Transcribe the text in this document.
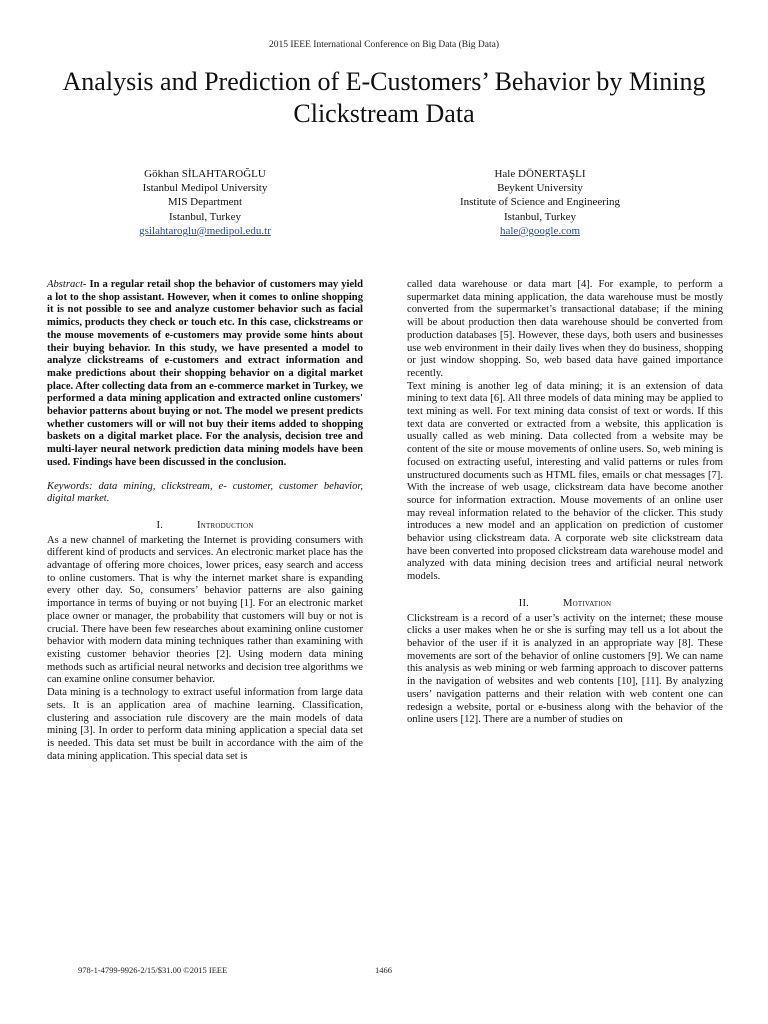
2015 IEEE International Conference on Big Data (Big Data)
Analysis and Prediction of E-Customers’ Behavior by Mining Clickstream Data
Gökhan SİLAHTAROĞLU
Istanbul Medipol University
MIS Department
Istanbul, Turkey
gsilahtaroglu@medipol.edu.tr
Hale DÖNERTAŞLI
Beykent University
Institute of Science and Engineering
Istanbul, Turkey
hale@google.com

Abstract- In a regular retail shop the behavior of customers may yield a lot to the shop assistant. However, when it comes to online shopping it is not possible to see and analyze customer behavior such as facial mimics, products they check or touch etc. In this case, clickstreams or the mouse movements of e-customers may provide some hints about their buying behavior. In this study, we have presented a model to analyze clickstreams of e-customers and extract information and make predictions about their shopping behavior on a digital market place. After collecting data from an e-commerce market in Turkey, we performed a data mining application and extracted online customers' behavior patterns about buying or not. The model we present predicts whether customers will or will not buy their items added to shopping baskets on a digital market place. For the analysis, decision tree and multi-layer neural network prediction data mining models have been used. Findings have been discussed in the conclusion.

Keywords: data mining, clickstream, e- customer, customer behavior, digital market.

I.	Introduction

As a new channel of marketing the Internet is providing consumers with different kind of products and services. An electronic market place has the advantage of offering more choices, lower prices, easy search and access to online customers. That is why the internet market share is expanding every other day. So, consumers’ behavior patterns are also gaining importance in terms of buying or not buying [1]. For an electronic market place owner or manager, the probability that customers will buy or not is crucial. There have been few researches about examining online customer behavior with modern data mining techniques rather than examining with existing customer behavior theories [2]. Using modern data mining methods such as artificial neural networks and decision tree algorithms we can examine online consumer behavior.

Data mining is a technology to extract useful information from large data sets. It is an application area of machine learning. Classification, clustering and association rule discovery are the main models of data mining [3]. In order to perform data mining application a special data set is needed. This data set must be built in accordance with the aim of the data mining application. This special data set is

called data warehouse or data mart [4]. For example, to perform a supermarket data mining application, the data warehouse must be mostly converted from the supermarket’s transactional database; if the mining will be about production then data warehouse should be converted from production databases [5]. However, these days, both users and businesses use web environment in their daily lives when they do business, shopping or just window shopping. So, web based data have gained importance recently.

Text mining is another leg of data mining; it is an extension of data mining to text data [6]. All three models of data mining may be applied to text mining as well. For text mining data consist of text or words. If this text data are converted or extracted from a website, this application is usually called as web mining. Data collected from a website may be content of the site or mouse movements of online users. So, web mining is focused on extracting useful, interesting and valid patterns or rules from unstructured documents such as HTML files, emails or chat messages [7]. With the increase of web usage, clickstream data have become another source for information extraction. Mouse movements of an online user may reveal information related to the behavior of the clicker. This study introduces a new model and an application on prediction of customer behavior using clickstream data. A corporate web site clickstream data have been converted into proposed clickstream data warehouse model and analyzed with data mining decision trees and artificial neural network models.

II.	Motivation

Clickstream is a record of a user’s activity on the internet; these mouse clicks a user makes when he or she is surfing may tell us a lot about the behavior of the user if it is analyzed in an appropriate way [8]. These movements are sort of the behavior of online customers [9]. We can name this analysis as web mining or web farming approach to discover patterns in the navigation of websites and web contents [10], [11]. By analyzing users’ navigation patterns and their relation with web content one can redesign a website, portal or e-business along with the behavior of the online users [12]. There are a number of studies on

978-1-4799-9926-2/15/$31.00 ©2015 IEEE	1466
